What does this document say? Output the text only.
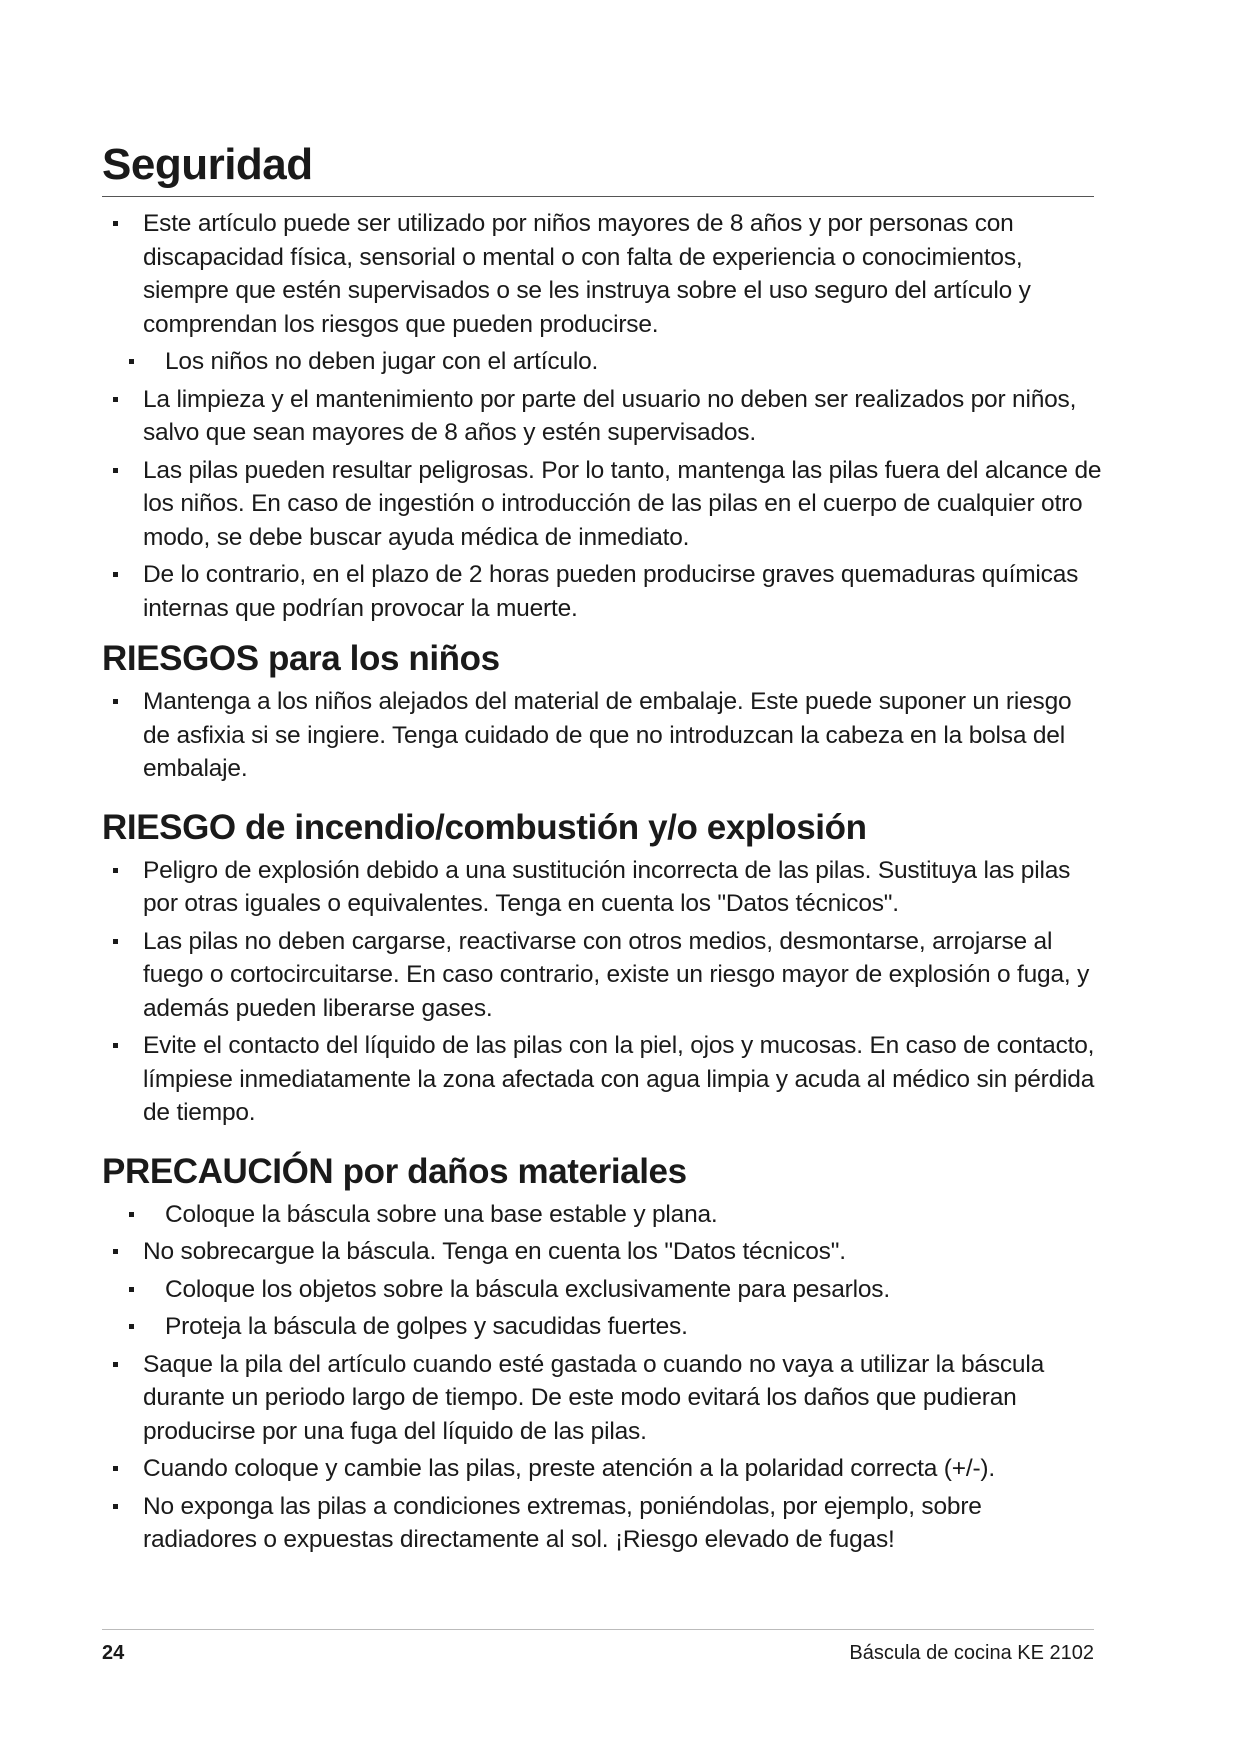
Seguridad
Este artículo puede ser utilizado por niños mayores de 8 años y por personas con discapacidad física, sensorial o mental o con falta de experiencia o conocimientos, siempre que estén supervisados o se les instruya sobre el uso seguro del artículo y comprendan los riesgos que pueden producirse.
Los niños no deben jugar con el artículo.
La limpieza y el mantenimiento por parte del usuario no deben ser realizados por niños, salvo que sean mayores de 8 años y estén supervisados.
Las pilas pueden resultar peligrosas. Por lo tanto, mantenga las pilas fuera del alcance de los niños. En caso de ingestión o introducción de las pilas en el cuerpo de cualquier otro modo, se debe buscar ayuda médica de inmediato.
De lo contrario, en el plazo de 2 horas pueden producirse graves quemaduras químicas internas que podrían provocar la muerte.
RIESGOS para los niños
Mantenga a los niños alejados del material de embalaje. Este puede suponer un riesgo de asfixia si se ingiere. Tenga cuidado de que no introduzcan la cabeza en la bolsa del embalaje.
RIESGO de incendio/combustión y/o explosión
Peligro de explosión debido a una sustitución incorrecta de las pilas. Sustituya las pilas por otras iguales o equivalentes. Tenga en cuenta los "Datos técnicos".
Las pilas no deben cargarse, reactivarse con otros medios, desmontarse, arrojarse al fuego o cortocircuitarse. En caso contrario, existe un riesgo mayor de explosión o fuga, y además pueden liberarse gases.
Evite el contacto del líquido de las pilas con la piel, ojos y mucosas. En caso de contacto, límpiese inmediatamente la zona afectada con agua limpia y acuda al médico sin pérdida de tiempo.
PRECAUCIÓN por daños materiales
Coloque la báscula sobre una base estable y plana.
No sobrecargue la báscula. Tenga en cuenta los "Datos técnicos".
Coloque los objetos sobre la báscula exclusivamente para pesarlos.
Proteja la báscula de golpes y sacudidas fuertes.
Saque la pila del artículo cuando esté gastada o cuando no vaya a utilizar la báscula durante un periodo largo de tiempo. De este modo evitará los daños que pudieran producirse por una fuga del líquido de las pilas.
Cuando coloque y cambie las pilas, preste atención a la polaridad correcta (+/-).
No exponga las pilas a condiciones extremas, poniéndolas, por ejemplo, sobre radiadores o expuestas directamente al sol. ¡Riesgo elevado de fugas!
24	Báscula de cocina KE 2102
